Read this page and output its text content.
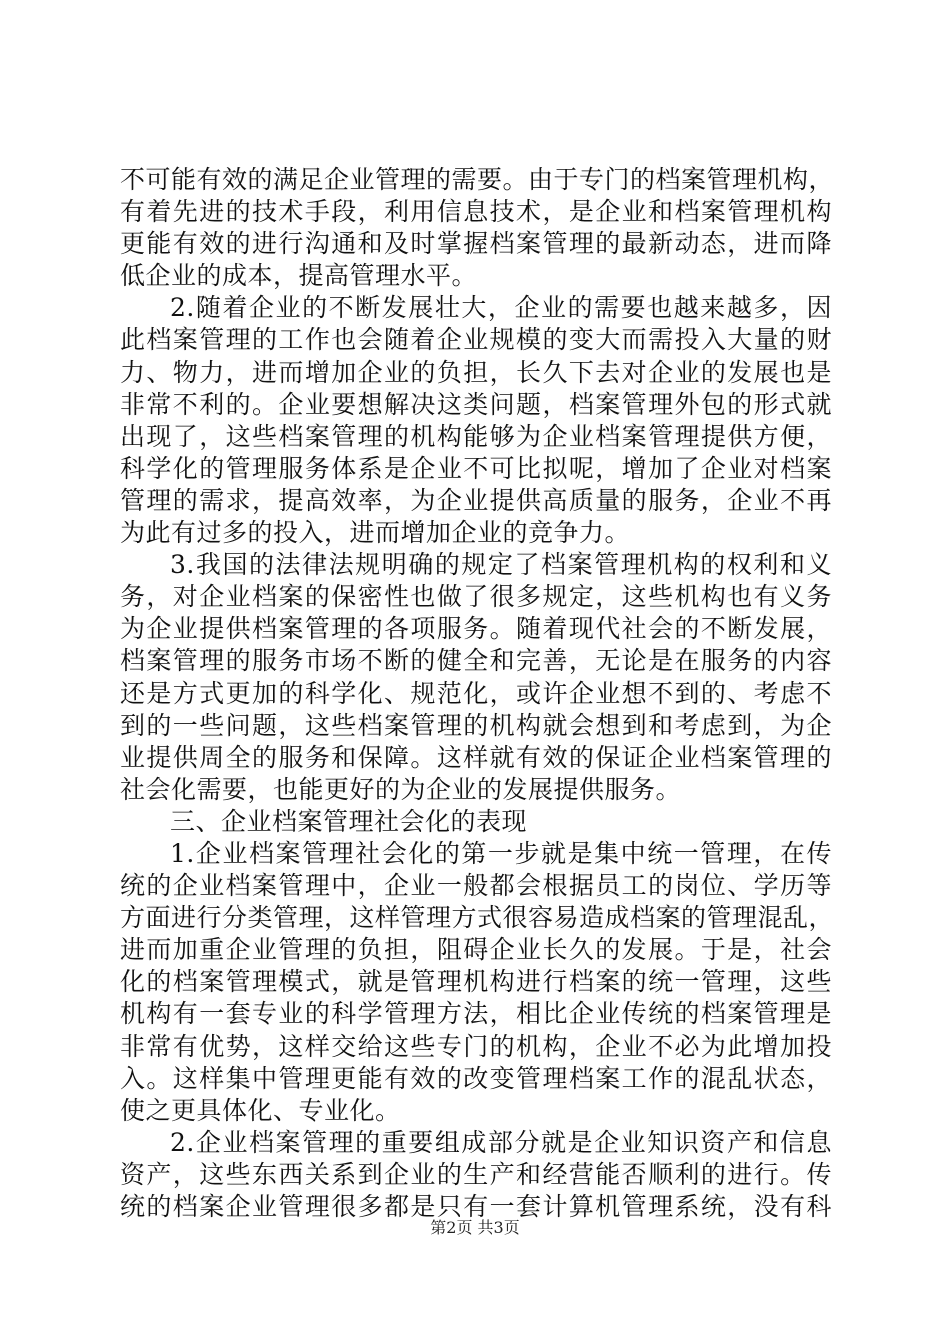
不可能有效的满足企业管理的需要。由于专门的档案管理机构，
有着先进的技术手段，利用信息技术，是企业和档案管理机构
更能有效的进行沟通和及时掌握档案管理的最新动态，进而降
低企业的成本，提高管理水平。
2.随着企业的不断发展壮大，企业的需要也越来越多，因
此档案管理的工作也会随着企业规模的变大而需投入大量的财
力、物力，进而增加企业的负担，长久下去对企业的发展也是
非常不利的。企业要想解决这类问题，档案管理外包的形式就
出现了，这些档案管理的机构能够为企业档案管理提供方便，
科学化的管理服务体系是企业不可比拟呢，增加了企业对档案
管理的需求，提高效率，为企业提供高质量的服务，企业不再
为此有过多的投入，进而增加企业的竞争力。
3.我国的法律法规明确的规定了档案管理机构的权利和义
务，对企业档案的保密性也做了很多规定，这些机构也有义务
为企业提供档案管理的各项服务。随着现代社会的不断发展，
档案管理的服务市场不断的健全和完善，无论是在服务的内容
还是方式更加的科学化、规范化，或许企业想不到的、考虑不
到的一些问题，这些档案管理的机构就会想到和考虑到，为企
业提供周全的服务和保障。这样就有效的保证企业档案管理的
社会化需要，也能更好的为企业的发展提供服务。
三、企业档案管理社会化的表现
1.企业档案管理社会化的第一步就是集中统一管理，在传
统的企业档案管理中，企业一般都会根据员工的岗位、学历等
方面进行分类管理，这样管理方式很容易造成档案的管理混乱，
进而加重企业管理的负担，阻碍企业长久的发展。于是，社会
化的档案管理模式，就是管理机构进行档案的统一管理，这些
机构有一套专业的科学管理方法，相比企业传统的档案管理是
非常有优势，这样交给这些专门的机构，企业不必为此增加投
入。这样集中管理更能有效的改变管理档案工作的混乱状态，
使之更具体化、专业化。
2.企业档案管理的重要组成部分就是企业知识资产和信息
资产，这些东西关系到企业的生产和经营能否顺利的进行。传
统的档案企业管理很多都是只有一套计算机管理系统，没有科
第2页 共3页
